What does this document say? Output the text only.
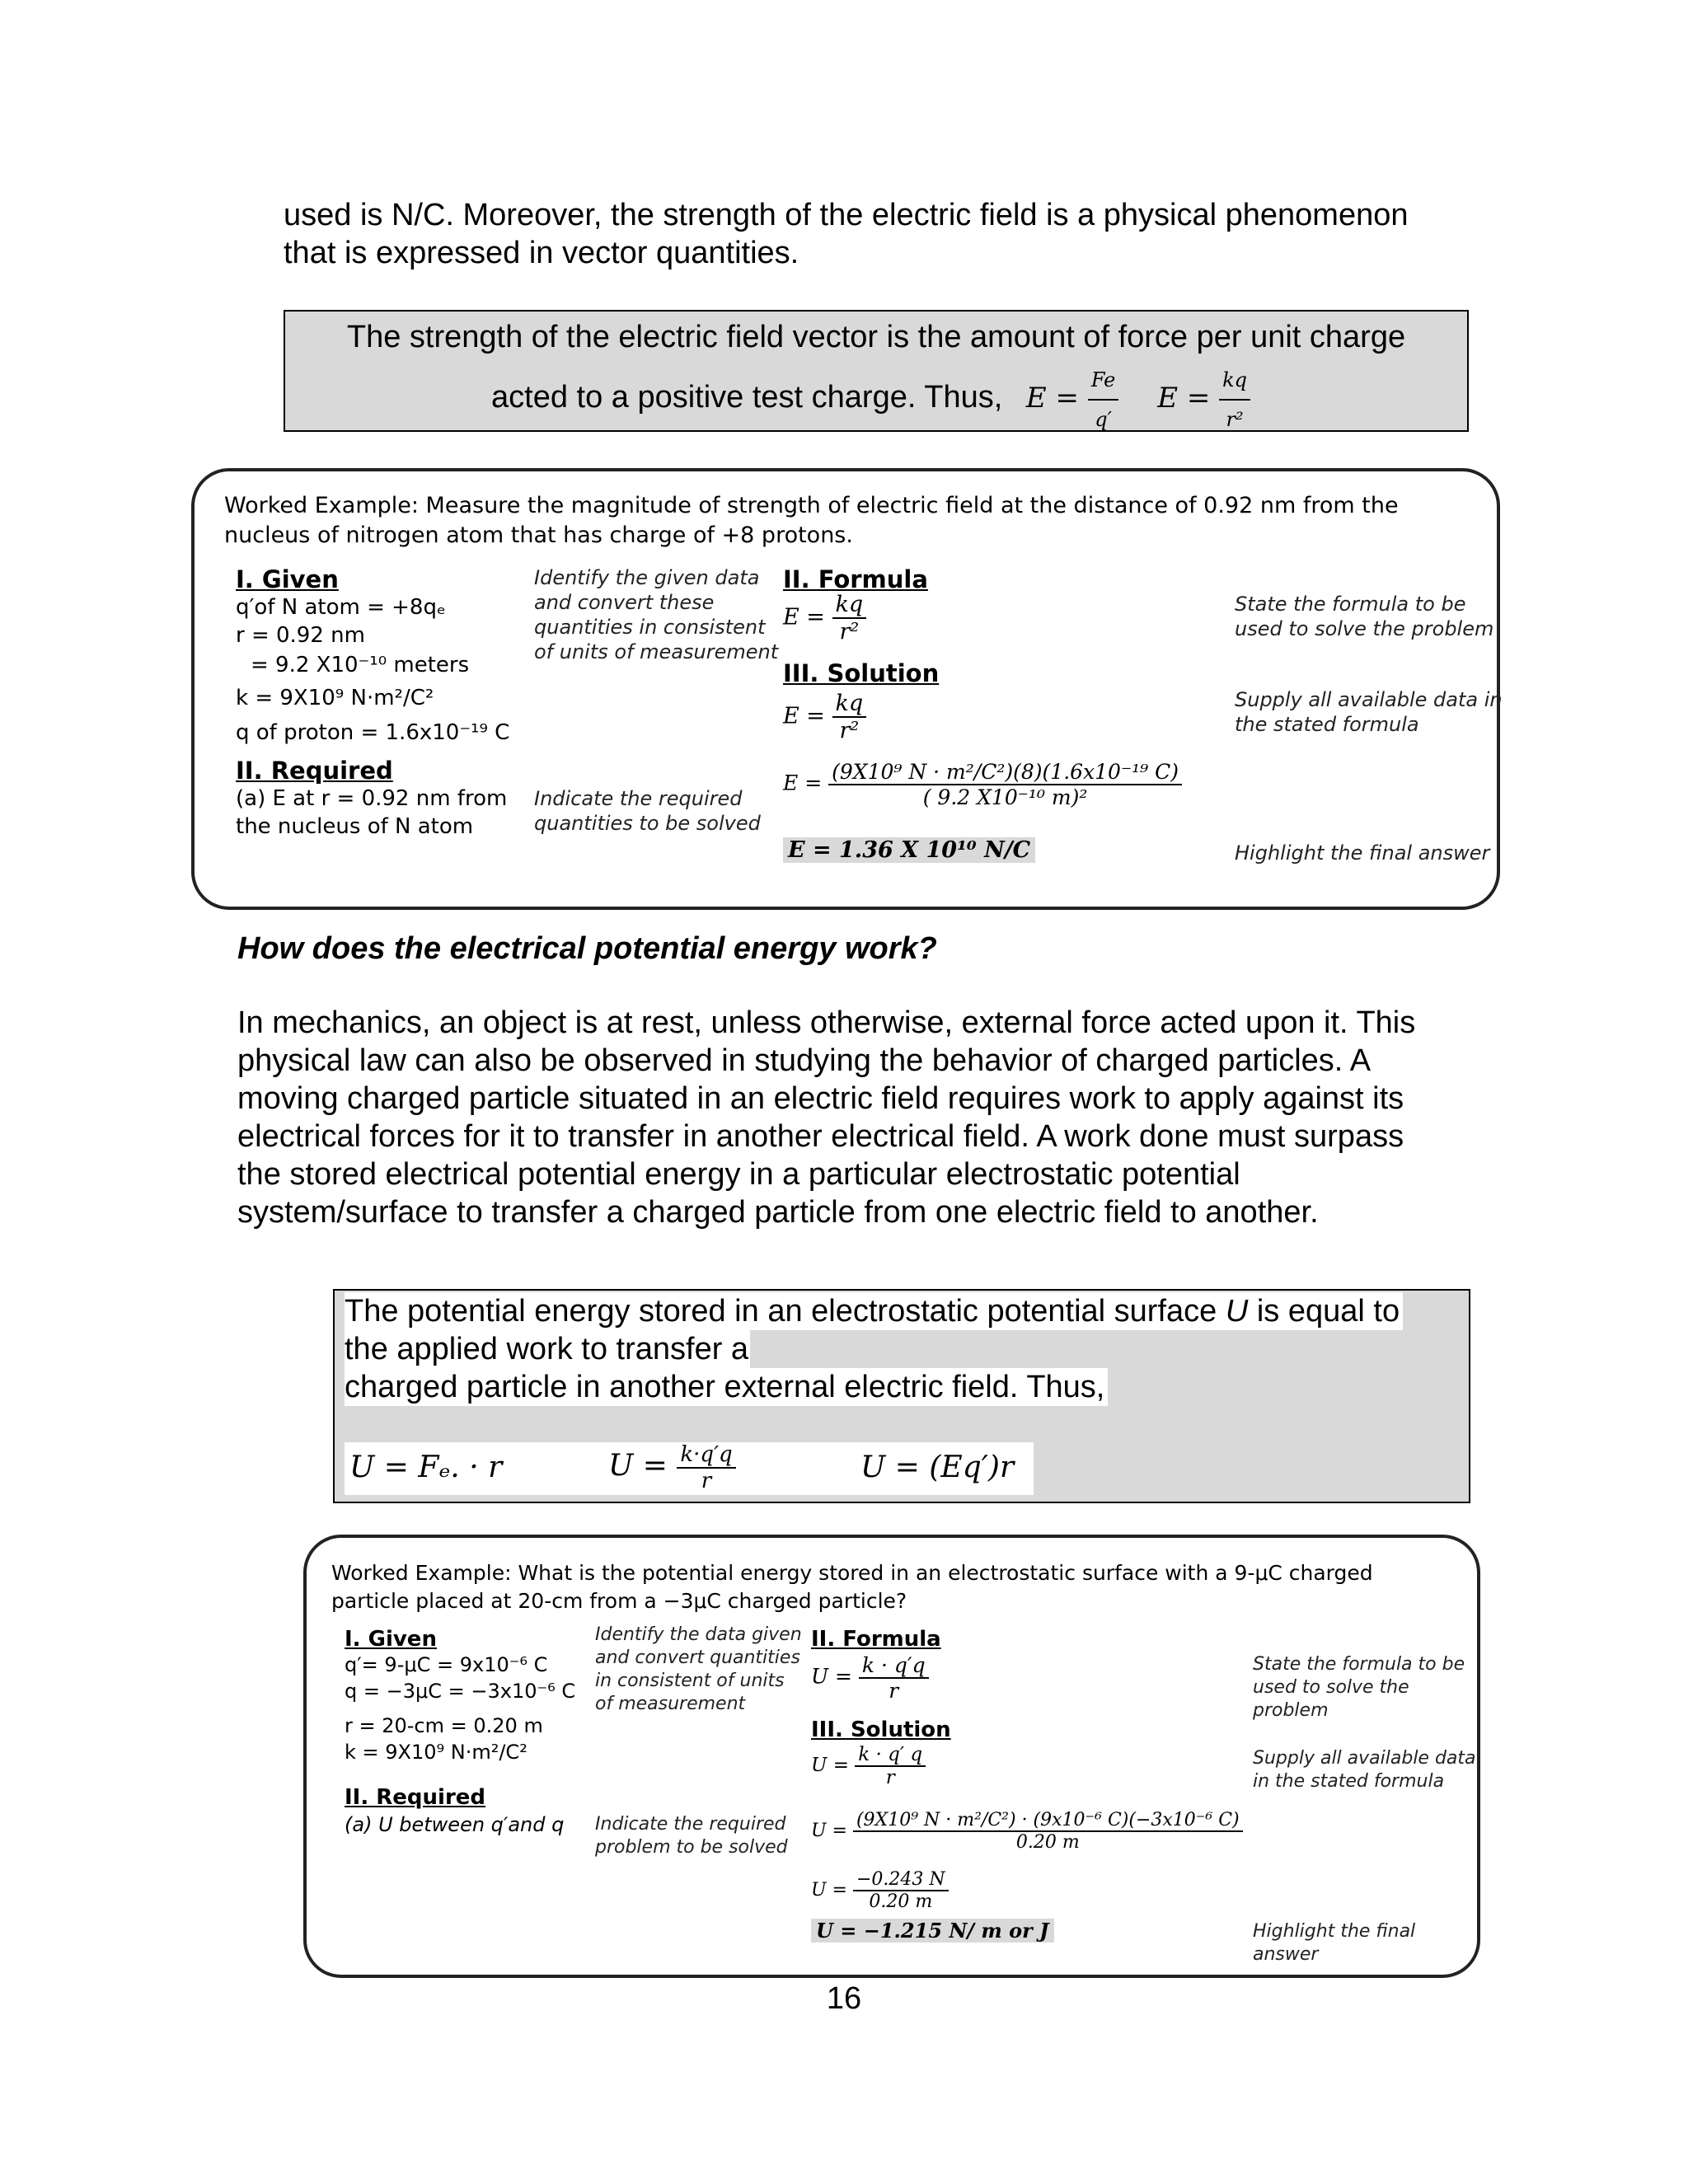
used is N/C. Moreover, the strength of the electric field is a physical phenomenon
that is expressed in vector quantities.
The strength of the electric field vector is the amount of force per unit charge
acted to a positive test charge. Thus, $E = \frac{Fe}{q'}$ $E = \frac{kq}{\text{r²}}$
Worked Example: Measure the magnitude of strength of electric field at the distance of 0.92 nm from the
nucleus of nitrogen atom that has charge of +8 protons.
I. Given
q′of N atom = +8qₑ
r = 0.92 nm
= 9.2 X10⁻¹⁰ meters
k = 9X10⁹ N·m²/C²
q of proton = 1.6x10⁻¹⁹ C
II. Required
(a) E at r = 0.92 nm from
the nucleus of N atom
Identify the given data
and convert these
quantities in consistent
of units of measurement
Indicate the required
quantities to be solved
II. Formula
$E = \frac{kq}{\text{r²}}$
III. Solution
$E = \frac{kq}{\text{r²}}$
$E = \frac{\text{(9X10⁹ N · m²/C²)(8)(1.6x10⁻¹⁹ C)}}{\text{( 9.2 X10⁻¹⁰ m)²}}$
E = 1.36 X 10¹⁰ N/C
State the formula to be
used to solve the problem
Supply all available data in
the stated formula
Highlight the final answer
How does the electrical potential energy work?
In mechanics, an object is at rest, unless otherwise, external force acted upon it. This
physical law can also be observed in studying the behavior of charged particles. A
moving charged particle situated in an electric field requires work to apply against its
electrical forces for it to transfer in another electrical field. A work done must surpass
the stored electrical potential energy in a particular electrostatic potential
system/surface to transfer a charged particle from one electric field to another.
The potential energy stored in an electrostatic potential surface U is equal to
the applied work to transfer a
charged particle in another external electric field. Thus,
U = Fₑ. · r	$U = \frac{k\cdot q'q}{r}$	U = (Eq′)r
Worked Example: What is the potential energy stored in an electrostatic surface with a 9-μC charged
particle placed at 20-cm from a −3μC charged particle?
I. Given
q′= 9-μC = 9x10⁻⁶ C
q = −3μC = −3x10⁻⁶ C
r = 20-cm = 0.20 m
k = 9X10⁹ N·m²/C²
II. Required
(a) U between q′and q
Identify the data given
and convert quantities
in consistent of units
of measurement
Indicate the required
problem to be solved
II. Formula
$U = \frac{k \cdot q'q}{r}$
III. Solution
$U = \frac{k \cdot q' q}{r}$
$U = \frac{\text{(9X10⁹ N · m²/C²) · (9x10⁻⁶ C)(−3x10⁻⁶ C)}}{0.20 m}$
$U = \frac{-0.243 N}{0.20 m}$
U = −1.215 N/ m or J
State the formula to be
used to solve the
problem
Supply all available data
in the stated formula
Highlight the final
answer
16
